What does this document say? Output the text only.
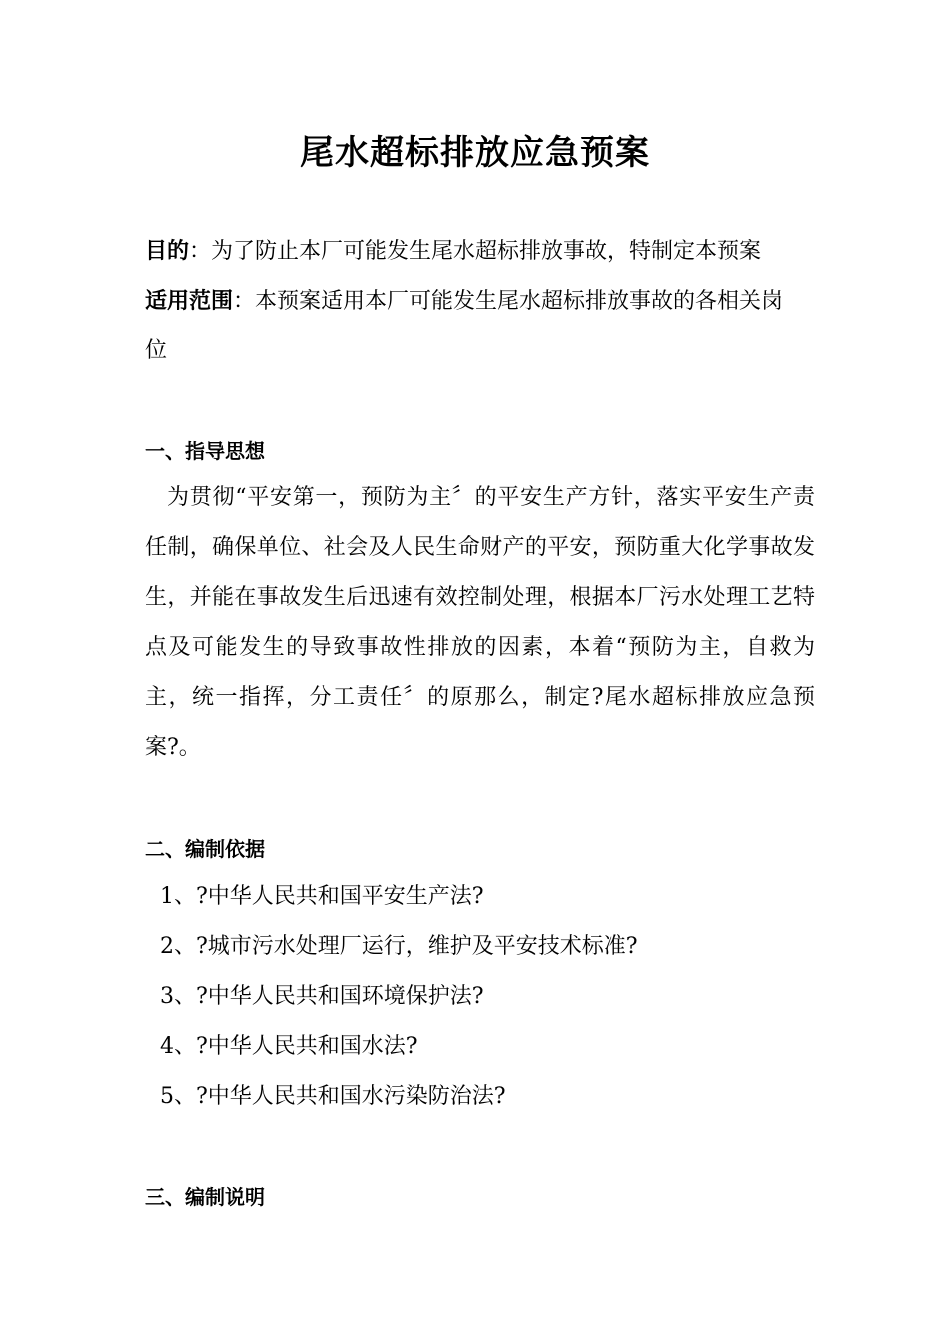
尾水超标排放应急预案
目的：为了防止本厂可能发生尾水超标排放事故，特制定本预案
适用范围：本预案适用本厂可能发生尾水超标排放事故的各相关岗
位
一、指导思想
为贯彻“平安第一，预防为主〞的平安生产方针，落实平安生产责任制，确保单位、社会及人民生命财产的平安，预防重大化学事故发生，并能在事故发生后迅速有效控制处理，根据本厂污水处理工艺特点及可能发生的导致事故性排放的因素，本着“预防为主，自救为主，统一指挥，分工责任〞的原那么，制定?尾水超标排放应急预案?。
二、编制依据
1、?中华人民共和国平安生产法?
2、?城市污水处理厂运行，维护及平安技术标准?
3、?中华人民共和国环境保护法?
4、?中华人民共和国水法?
5、?中华人民共和国水污染防治法?
三、编制说明
